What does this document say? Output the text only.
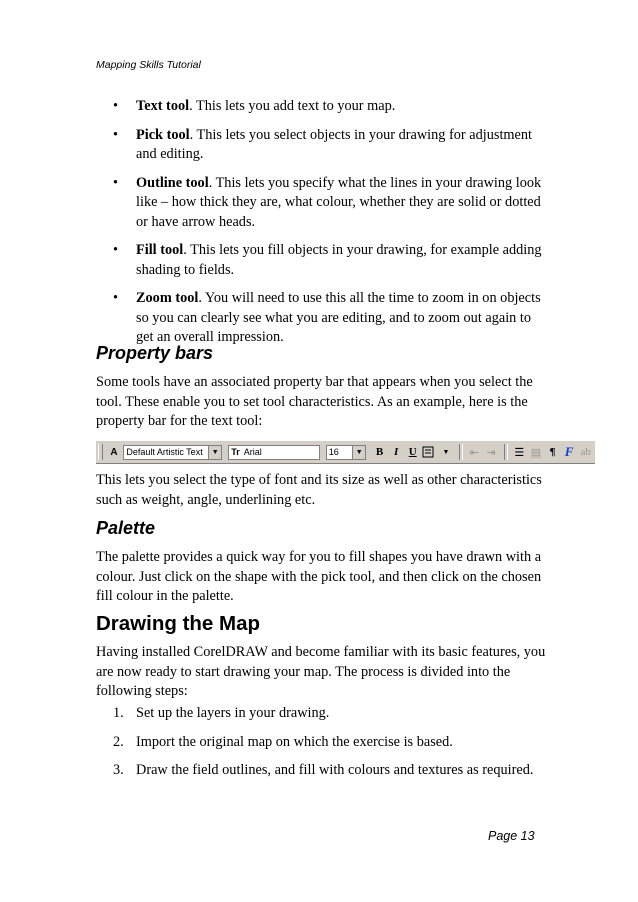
Mapping Skills Tutorial
• Text tool. This lets you add text to your map.
• Pick tool. This lets you select objects in your drawing for adjustment and editing.
• Outline tool. This lets you specify what the lines in your drawing look like – how thick they are, what colour, whether they are solid or dotted or have arrow heads.
• Fill tool. This lets you fill objects in your drawing, for example adding shading to fields.
• Zoom tool. You will need to use this all the time to zoom in on objects so you can clearly see what you are editing, and to zoom out again to get an overall impression.
Property bars
Some tools have an associated property bar that appears when you select the tool. These enable you to set tool characteristics. As an example, here is the property bar for the text tool:
A Default Artistic Text	▼ Tr Arial	16	▼	B I U	▼	⇤ ⇥ ☰ ▤ ¶ F ab
This lets you select the type of font and its size as well as other characteristics such as weight, angle, underlining etc.
Palette
The palette provides a quick way for you to fill shapes you have drawn with a colour. Just click on the shape with the pick tool, and then click on the chosen fill colour in the palette.
Drawing the Map
Having installed CorelDRAW and become familiar with its basic features, you are now ready to start drawing your map. The process is divided into the following steps:
1. Set up the layers in your drawing.
2. Import the original map on which the exercise is based.
3. Draw the field outlines, and fill with colours and textures as required.
Page 13
